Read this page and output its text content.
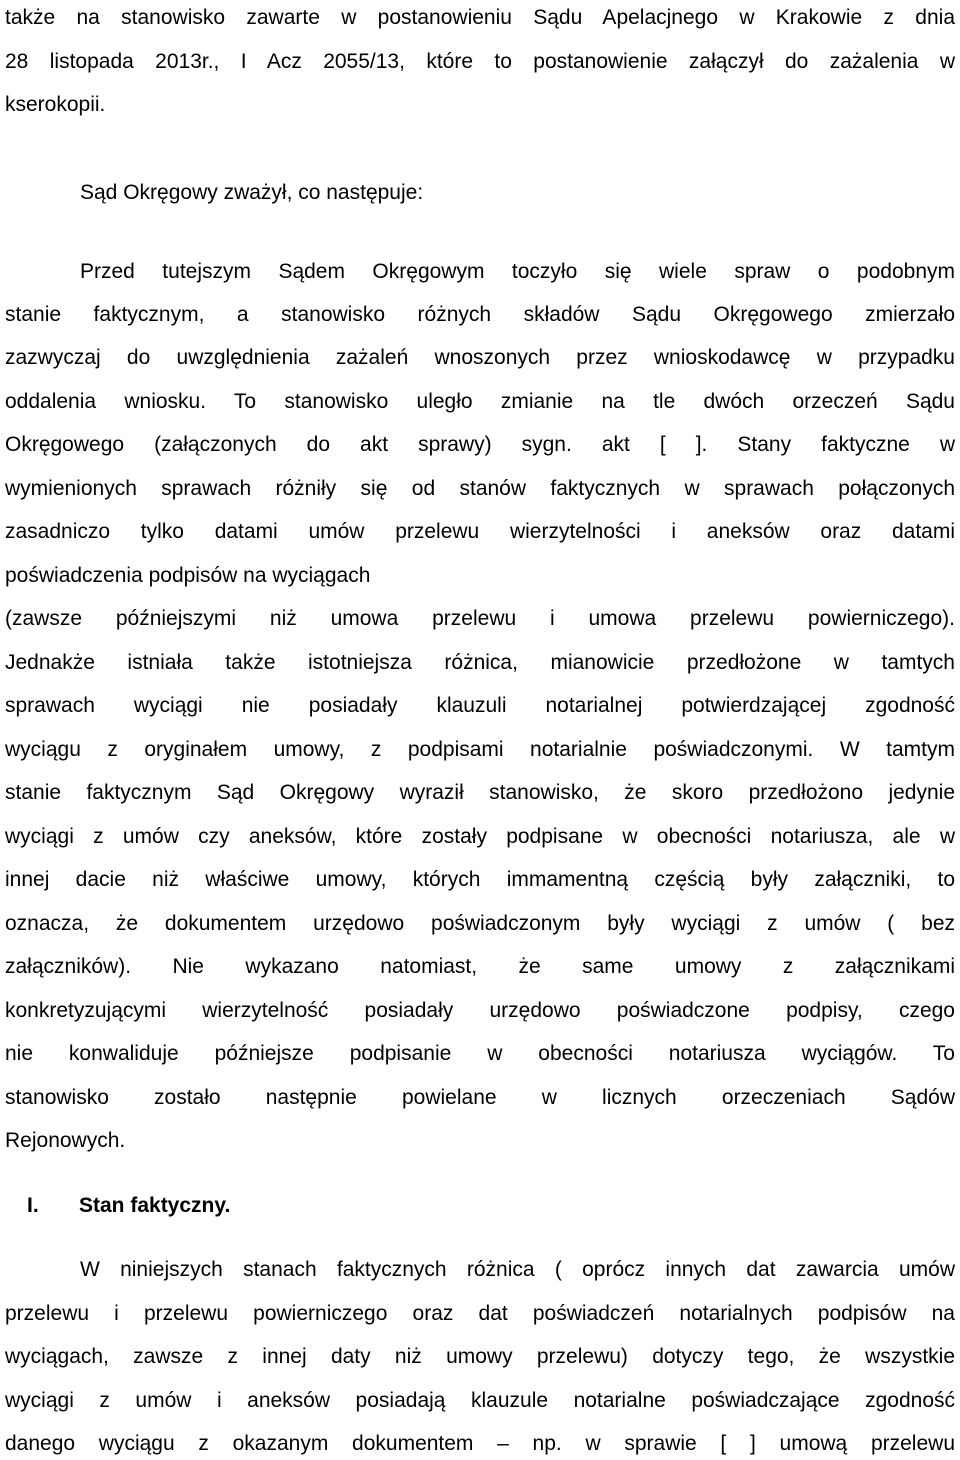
także na stanowisko zawarte w postanowieniu Sądu Apelacjnego w Krakowie z dnia
28 listopada 2013r., I Acz 2055/13, które to postanowienie załączył do zażalenia w
kserokopii.
Sąd Okręgowy zważył, co następuje:
Przed tutejszym Sądem Okręgowym toczyło się wiele spraw o podobnym
stanie faktycznym, a stanowisko różnych składów Sądu Okręgowego zmierzało
zazwyczaj do uwzględnienia zażaleń wnoszonych przez wnioskodawcę w przypadku
oddalenia wniosku. To stanowisko uległo zmianie na tle dwóch orzeczeń Sądu
Okręgowego (załączonych do akt sprawy) sygn. akt [ ]. Stany faktyczne w
wymienionych sprawach różniły się od stanów faktycznych w sprawach połączonych
zasadniczo tylko datami umów przelewu wierzytelności i aneksów oraz datami
poświadczenia podpisów na wyciągach
(zawsze późniejszymi niż umowa przelewu i umowa przelewu powierniczego).
Jednakże istniała także istotniejsza różnica, mianowicie przedłożone w tamtych
sprawach wyciągi nie posiadały klauzuli notarialnej potwierdzającej zgodność
wyciągu z oryginałem umowy, z podpisami notarialnie poświadczonymi. W tamtym
stanie faktycznym Sąd Okręgowy wyraził stanowisko, że skoro przedłożono jedynie
wyciągi z umów czy aneksów, które zostały podpisane w obecności notariusza, ale w
innej dacie niż właściwe umowy, których immamentną częścią były załączniki, to
oznacza, że dokumentem urzędowo poświadczonym były wyciągi z umów ( bez
załączników). Nie wykazano natomiast, że same umowy z załącznikami
konkretyzującymi wierzytelność posiadały urzędowo poświadczone podpisy, czego
nie konwaliduje późniejsze podpisanie w obecności notariusza wyciągów. To
stanowisko zostało następnie powielane w licznych orzeczeniach Sądów
Rejonowych.
I.	Stan faktyczny.
W niniejszych stanach faktycznych różnica ( oprócz innych dat zawarcia umów
przelewu i przelewu powierniczego oraz dat poświadczeń notarialnych podpisów na
wyciągach, zawsze z innej daty niż umowy przelewu) dotyczy tego, że wszystkie
wyciągi z umów i aneksów posiadają klauzule notarialne poświadczające zgodność
danego wyciągu z okazanym dokumentem – np. w sprawie [ ] umową przelewu
